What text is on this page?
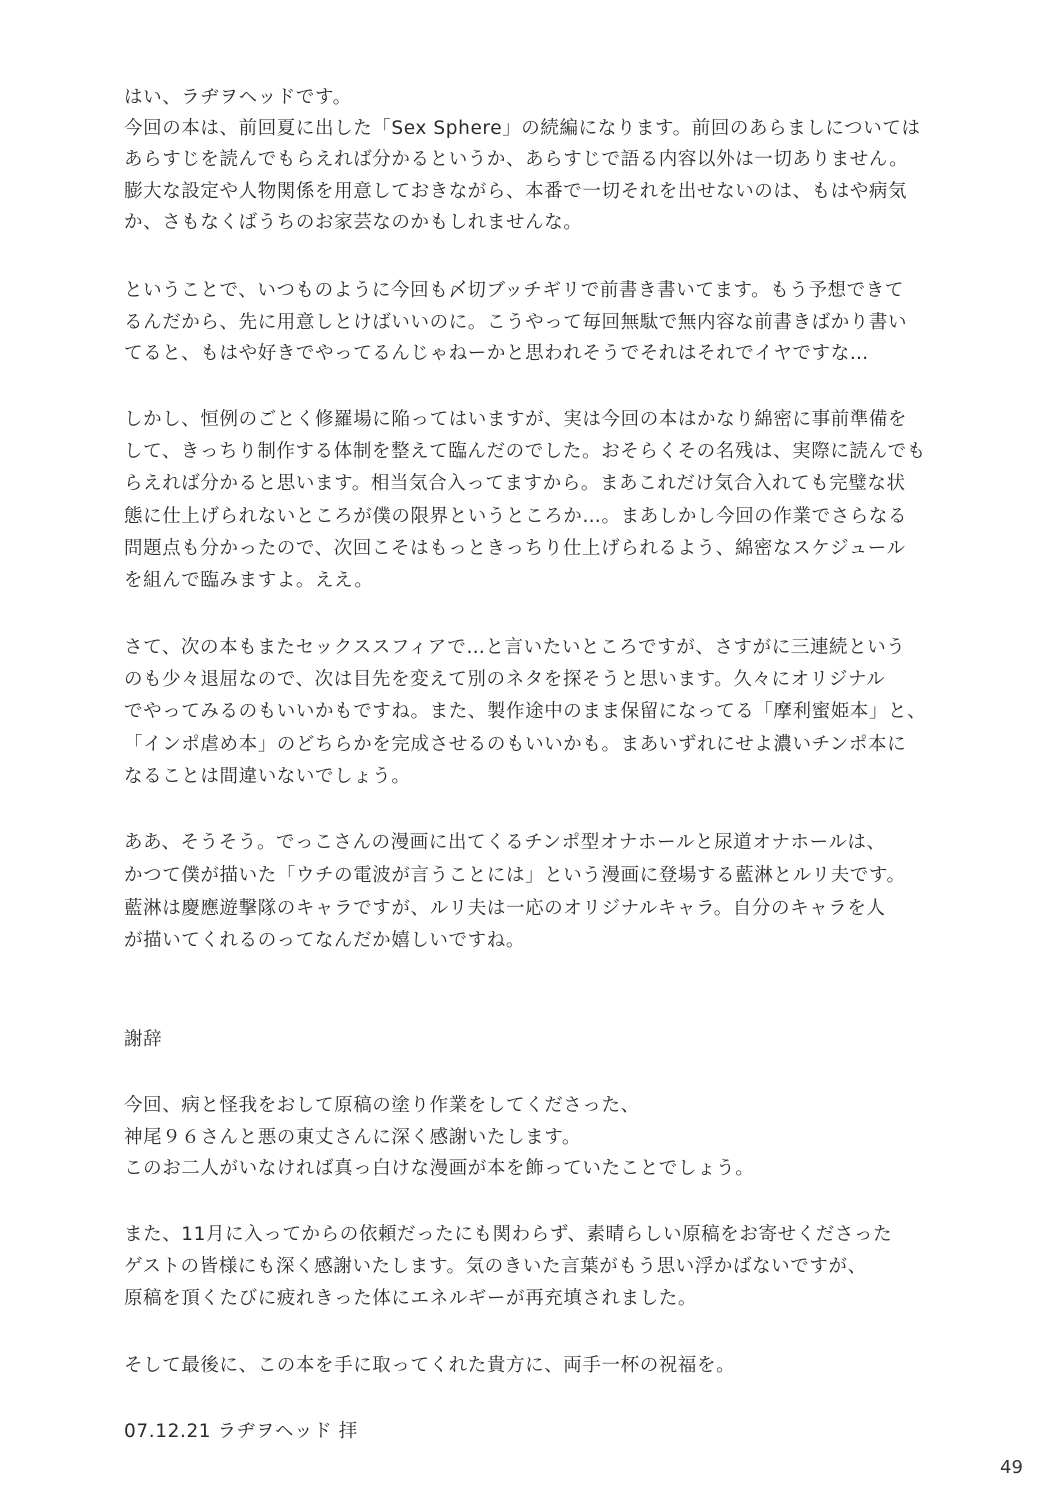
はい、ラヂヲヘッドです。
今回の本は、前回夏に出した「Sex Sphere」の続編になります。前回のあらましについては
あらすじを読んでもらえれば分かるというか、あらすじで語る内容以外は一切ありません。
膨大な設定や人物関係を用意しておきながら、本番で一切それを出せないのは、もはや病気
か、さもなくばうちのお家芸なのかもしれませんな。
ということで、いつものように今回も〆切ブッチギリで前書き書いてます。もう予想できて
るんだから、先に用意しとけばいいのに。こうやって毎回無駄で無内容な前書きばかり書い
てると、もはや好きでやってるんじゃねーかと思われそうでそれはそれでイヤですな…
しかし、恒例のごとく修羅場に陥ってはいますが、実は今回の本はかなり綿密に事前準備を
して、きっちり制作する体制を整えて臨んだのでした。おそらくその名残は、実際に読んでも
らえれば分かると思います。相当気合入ってますから。まあこれだけ気合入れても完璧な状
態に仕上げられないところが僕の限界というところか…。まあしかし今回の作業でさらなる
問題点も分かったので、次回こそはもっときっちり仕上げられるよう、綿密なスケジュール
を組んで臨みますよ。ええ。
さて、次の本もまたセックススフィアで…と言いたいところですが、さすがに三連続という
のも少々退屈なので、次は目先を変えて別のネタを探そうと思います。久々にオリジナル
でやってみるのもいいかもですね。また、製作途中のまま保留になってる「摩利蜜姫本」と、
「インポ虐め本」のどちらかを完成させるのもいいかも。まあいずれにせよ濃いチンポ本に
なることは間違いないでしょう。
ああ、そうそう。でっこさんの漫画に出てくるチンポ型オナホールと尿道オナホールは、
かつて僕が描いた「ウチの電波が言うことには」という漫画に登場する藍淋とルリ夫です。
藍淋は慶應遊撃隊のキャラですが、ルリ夫は一応のオリジナルキャラ。自分のキャラを人
が描いてくれるのってなんだか嬉しいですね。
謝辞
今回、病と怪我をおして原稿の塗り作業をしてくださった、
神尾９６さんと悪の東丈さんに深く感謝いたします。
このお二人がいなければ真っ白けな漫画が本を飾っていたことでしょう。
また、11月に入ってからの依頼だったにも関わらず、素晴らしい原稿をお寄せくださった
ゲストの皆様にも深く感謝いたします。気のきいた言葉がもう思い浮かばないですが、
原稿を頂くたびに疲れきった体にエネルギーが再充填されました。
そして最後に、この本を手に取ってくれた貴方に、両手一杯の祝福を。
07.12.21 ラヂヲヘッド 拝
49
